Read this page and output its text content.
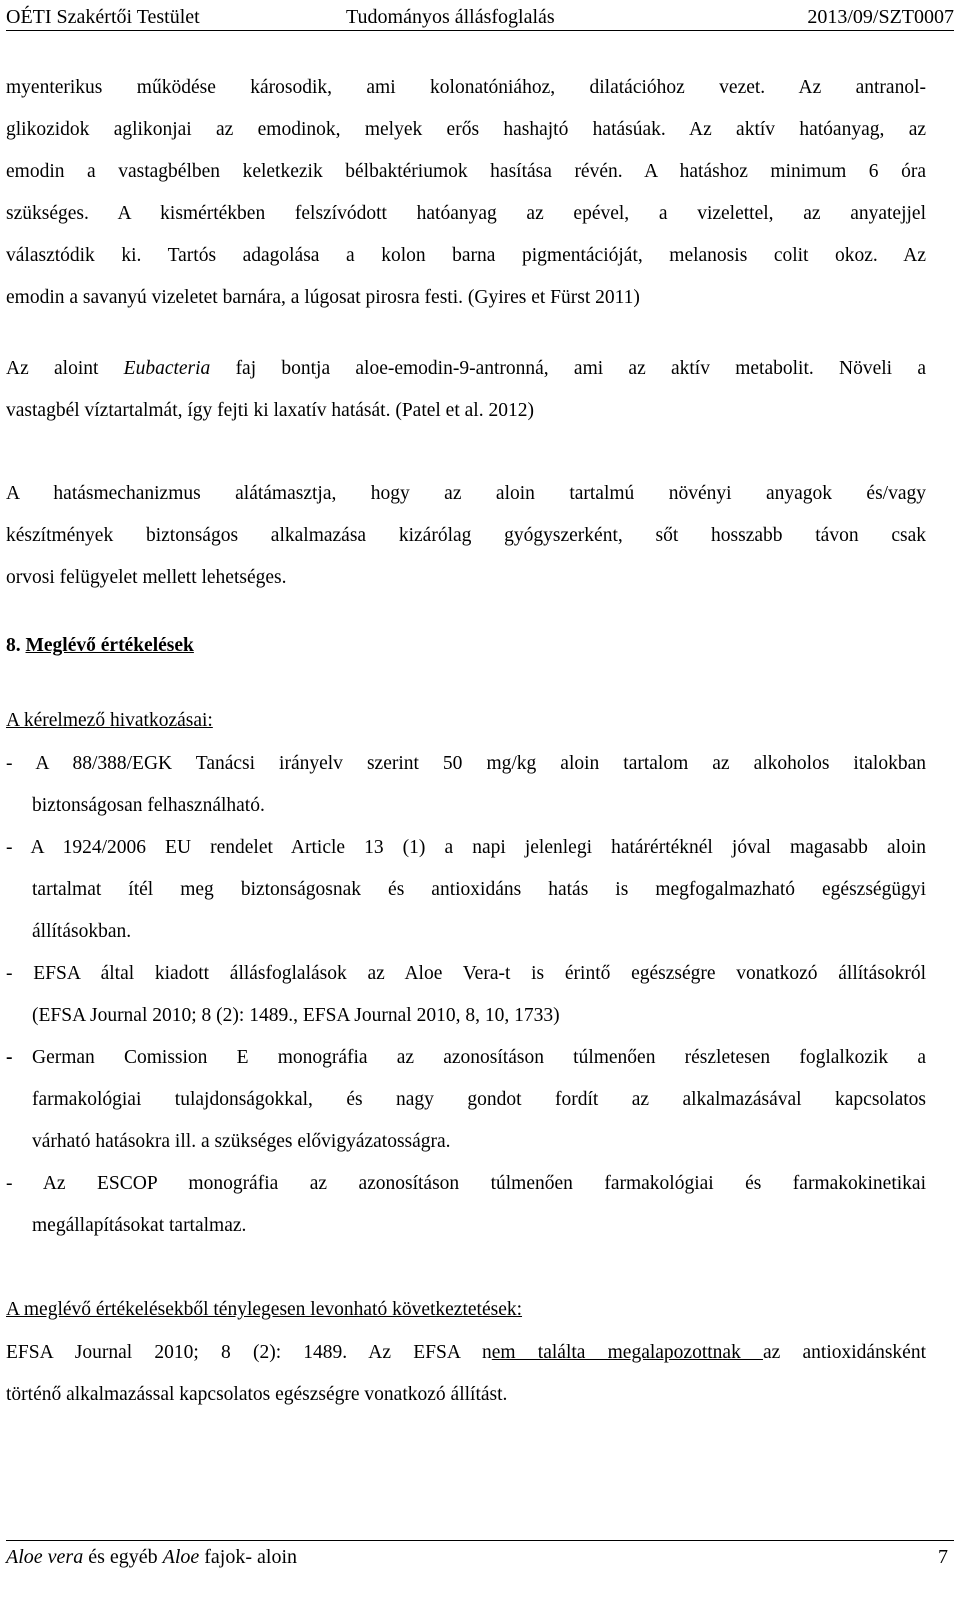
OÉTI Szakértői Testület	Tudományos állásfoglalás	2013/09/SZT0007
myenterikus működése károsodik, ami kolonatóniához, dilatációhoz vezet. Az antranol-
glikozidok aglikonjai az emodinok, melyek erős hashajtó hatásúak. Az aktív hatóanyag, az
emodin a vastagbélben keletkezik bélbaktériumok hasítása révén. A hatáshoz minimum 6 óra
szükséges. A kismértékben felszívódott hatóanyag az epével, a vizelettel, az anyatejjel
választódik ki. Tartós adagolása a kolon barna pigmentációját, melanosis colit okoz. Az
emodin a savanyú vizeletet barnára, a lúgosat pirosra festi. (Gyires et Fürst 2011)
Az aloint Eubacteria faj bontja aloe-emodin-9-antronná, ami az aktív metabolit. Növeli a
vastagbél víztartalmát, így fejti ki laxatív hatását. (Patel et al. 2012)
A hatásmechanizmus alátámasztja, hogy az aloin tartalmú növényi anyagok és/vagy
készítmények biztonságos alkalmazása kizárólag gyógyszerként, sőt hosszabb távon csak
orvosi felügyelet mellett lehetséges.
8. Meglévő értékelések
A kérelmező hivatkozásai:
- A 88/388/EGK Tanácsi irányelv szerint 50 mg/kg aloin tartalom az alkoholos italokban
biztonságosan felhasználható.
- A 1924/2006 EU rendelet Article 13 (1) a napi jelenlegi határértéknél jóval magasabb aloin
tartalmat ítél meg biztonságosnak és antioxidáns hatás is megfogalmazható egészségügyi
állításokban.
- EFSA által kiadott állásfoglalások az Aloe Vera-t is érintő egészségre vonatkozó állításokról
(EFSA Journal 2010; 8 (2): 1489., EFSA Journal 2010, 8, 10, 1733)
-	German Comission E monográfia az azonosításon túlmenően részletesen foglalkozik a
farmakológiai tulajdonságokkal, és nagy gondot fordít az alkalmazásával kapcsolatos
várható hatásokra ill. a szükséges elővigyázatosságra.
- Az ESCOP monográfia az azonosításon túlmenően farmakológiai és farmakokinetikai
megállapításokat tartalmaz.
A meglévő értékelésekből ténylegesen levonható következtetések:
EFSA Journal 2010; 8 (2): 1489. Az EFSA nem találta megalapozottnak az antioxidánsként
történő alkalmazással kapcsolatos egészségre vonatkozó állítást.
Aloe vera és egyéb Aloe fajok- aloin	7
